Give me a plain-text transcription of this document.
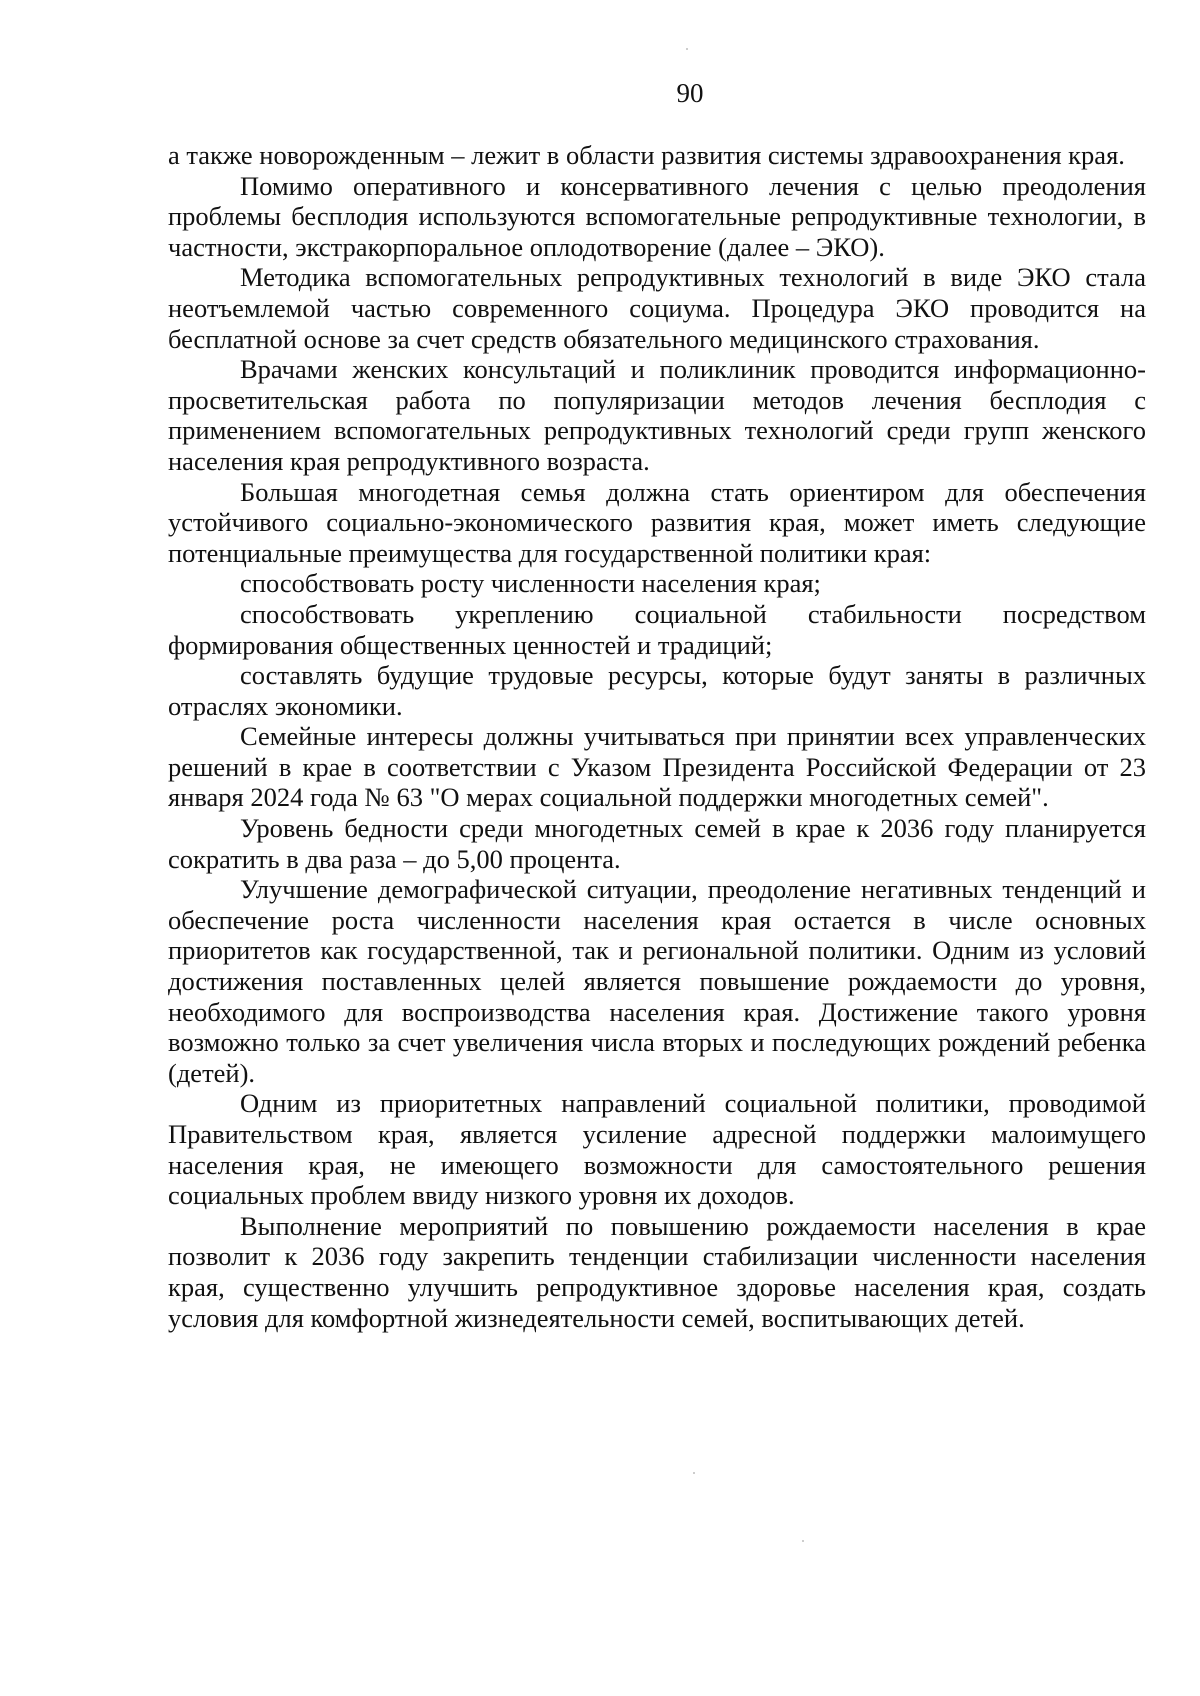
90

а также новорожденным – лежит в области развития системы здравоохранения края.

Помимо оперативного и консервативного лечения с целью преодоления проблемы бесплодия используются вспомогательные репродуктивные технологии, в частности, экстракорпоральное оплодотворение (далее – ЭКО).

Методика вспомогательных репродуктивных технологий в виде ЭКО стала неотъемлемой частью современного социума. Процедура ЭКО проводится на бесплатной основе за счет средств обязательного медицинского страхования.

Врачами женских консультаций и поликлиник проводится информационно-просветительская работа по популяризации методов лечения бесплодия с применением вспомогательных репродуктивных технологий среди групп женского населения края репродуктивного возраста.

Большая многодетная семья должна стать ориентиром для обеспечения устойчивого социально-экономического развития края, может иметь следующие потенциальные преимущества для государственной политики края:

способствовать росту численности населения края;

способствовать укреплению социальной стабильности посредством формирования общественных ценностей и традиций;

составлять будущие трудовые ресурсы, которые будут заняты в различных отраслях экономики.

Семейные интересы должны учитываться при принятии всех управленческих решений в крае в соответствии с Указом Президента Российской Федерации от 23 января 2024 года № 63 "О мерах социальной поддержки многодетных семей".

Уровень бедности среди многодетных семей в крае к 2036 году планируется сократить в два раза – до 5,00 процента.

Улучшение демографической ситуации, преодоление негативных тенденций и обеспечение роста численности населения края остается в числе основных приоритетов как государственной, так и региональной политики. Одним из условий достижения поставленных целей является повышение рождаемости до уровня, необходимого для воспроизводства населения края. Достижение такого уровня возможно только за счет увеличения числа вторых и последующих рождений ребенка (детей).

Одним из приоритетных направлений социальной политики, проводимой Правительством края, является усиление адресной поддержки малоимущего населения края, не имеющего возможности для самостоятельного решения социальных проблем ввиду низкого уровня их доходов.

Выполнение мероприятий по повышению рождаемости населения в крае позволит к 2036 году закрепить тенденции стабилизации численности населения края, существенно улучшить репродуктивное здоровье населения края, создать условия для комфортной жизнедеятельности семей, воспитывающих детей.
